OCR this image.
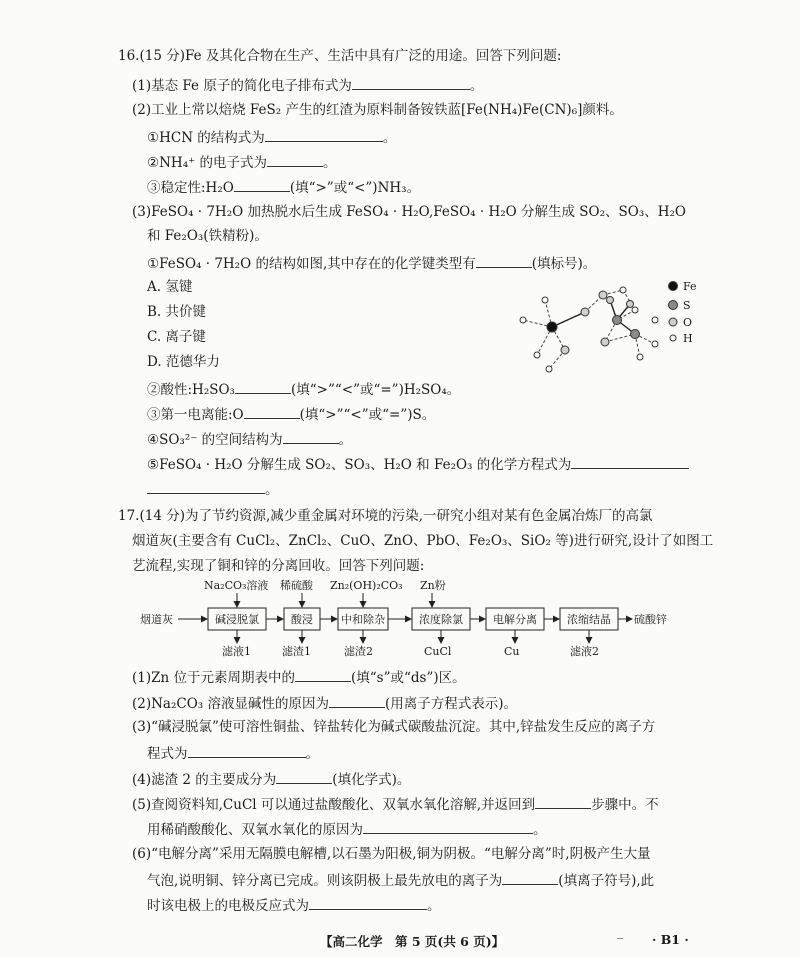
16.(15 分)Fe 及其化合物在生产、生活中具有广泛的用途。回答下列问题:
(1)基态 Fe 原子的简化电子排布式为	。
(2)工业上常以焙烧 FeS₂ 产生的红渣为原料制备铵铁蓝[Fe(NH₄)Fe(CN)₆]颜料。
①HCN 的结构式为	。
②NH₄⁺ 的电子式为	。
③稳定性:H₂O	(填“>”或“<”)NH₃。
(3)FeSO₄ · 7H₂O 加热脱水后生成 FeSO₄ · H₂O,FeSO₄ · H₂O 分解生成 SO₂、SO₃、H₂O
和 Fe₂O₃(铁精粉)。
①FeSO₄ · 7H₂O 的结构如图,其中存在的化学键类型有	(填标号)。
A. 氢键
B. 共价键
C. 离子键
D. 范德华力
Fe
S
O
H
②酸性:H₂SO₃	(填“>”“<”或“=”)H₂SO₄。
③第一电离能:O	(填“>”“<”或“=”)S。
④SO₃²⁻ 的空间结构为	。
⑤FeSO₄ · H₂O 分解生成 SO₂、SO₃、H₂O 和 Fe₂O₃ 的化学方程式为
。
17.(14 分)为了节约资源,减少重金属对环境的污染,一研究小组对某有色金属冶炼厂的高氯
烟道灰(主要含有 CuCl₂、ZnCl₂、CuO、ZnO、PbO、Fe₂O₃、SiO₂ 等)进行研究,设计了如图工
艺流程,实现了铜和锌的分离回收。回答下列问题:
烟道灰	硫酸锌
Na₂CO₃溶液 稀硫酸 Zn₂(OH)₂CO₃ Zn粉
滤液1	滤渣1	滤渣2	CuCl	Cu	滤液2
碱浸脱氯	酸浸	中和除杂	浓度除氯	电解分离	浓缩结晶
(1)Zn 位于元素周期表中的	(填“s”或“ds”)区。
(2)Na₂CO₃ 溶液显碱性的原因为	(用离子方程式表示)。
(3)“碱浸脱氯”使可溶性铜盐、锌盐转化为碱式碳酸盐沉淀。其中,锌盐发生反应的离子方
程式为	。
(4)滤渣 2 的主要成分为	(填化学式)。
(5)查阅资料知,CuCl 可以通过盐酸酸化、双氧水氧化溶解,并返回到	步骤中。不
用稀硝酸酸化、双氧水氧化的原因为	。
(6)“电解分离”采用无隔膜电解槽,以石墨为阳极,铜为阴极。“电解分离”时,阴极产生大量
气泡,说明铜、锌分离已完成。则该阴极上最先放电的离子为	(填离子符号),此
时该电极上的电极反应式为	。
【高二化学　第 5 页(共 6 页)】
_
· B1 ·
